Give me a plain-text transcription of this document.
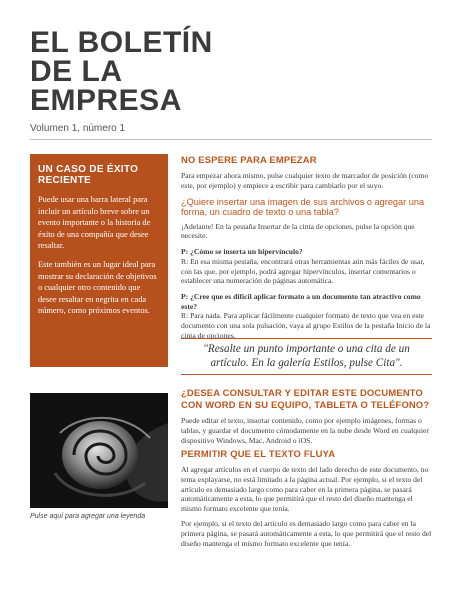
EL BOLETÍN
DE LA
EMPRESA
Volumen 1, número 1
UN CASO DE ÉXITO RECIENTE

Puede usar una barra lateral para incluir un artículo breve sobre un evento importante o la historia de éxito de una compañía que desee resaltar.

Este también es un lugar ideal para mostrar su declaración de objetivos o cualquier otro contenido que desee resaltar en negrita en cada número, como próximos eventos.

Pulse aquí para agregar una leyenda
NO ESPERE PARA EMPEZAR
Para empezar ahora mismo, pulse cualquier texto de marcador de posición (como este, por ejemplo) y empiece a escribir para cambiarlo por el suyo.
¿Quiere insertar una imagen de sus archivos o agregar una forma, un cuadro de texto o una tabla?
¡Adelante! En la pestaña Insertar de la cinta de opciones, pulse la opción que necesite.
P: ¿Cómo se inserta un hipervínculo?
R: En esa misma pestaña, encontrará otras herramientas aún más fáciles de usar, con las que, por ejemplo, podrá agregar hipervínculos, insertar comentarios o establecer una numeración de páginas automática.
P: ¿Cree que es difícil aplicar formato a un documento tan atractivo como este?
R: Para nada. Para aplicar fácilmente cualquier formato de texto que vea en este documento con una sola pulsación, vaya al grupo Estilos de la pestaña Inicio de la cinta de opciones.
"Resalte un punto importante o una cita de un artículo. En la galería Estilos, pulse Cita".
¿DESEA CONSULTAR Y EDITAR ESTE DOCUMENTO CON WORD EN SU EQUIPO, TABLETA O TELÉFONO?
Puede editar el texto, insertar contenido, como por ejemplo imágenes, formas o tablas, y guardar el documento cómodamente en la nube desde Word en cualquier dispositivo Windows, Mac, Android o iOS.
PERMITIR QUE EL TEXTO FLUYA
Al agregar artículos en el cuerpo de texto del lado derecho de este documento, no tema explayarse, no está limitado a la página actual. Por ejemplo, si el texto del artículo es demasiado largo como para caber en la primera página, se pasará automáticamente a esta, lo que permitirá que el resto del diseño mantenga el mismo formato excelente que tenía.
Por ejemplo, si el texto del artículo es demasiado largo como para caber en la primera página, se pasará automáticamente a esta, lo que permitirá que el resto del diseño mantenga el mismo formato excelente que tenía.
